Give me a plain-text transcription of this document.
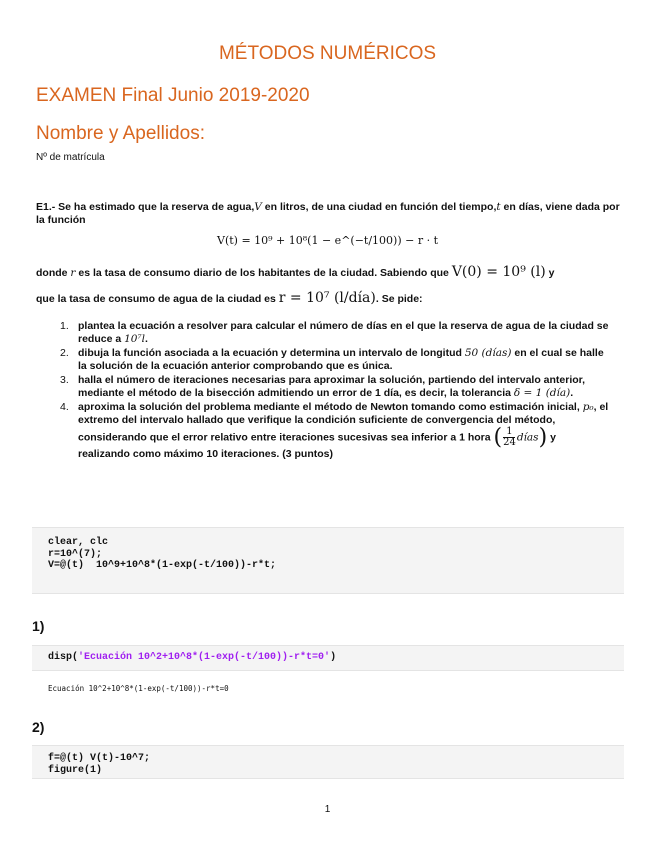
MÉTODOS NUMÉRICOS
EXAMEN Final Junio 2019-2020
Nombre y Apellidos:
Nº de matrícula
E1.- Se ha estimado que la reserva de agua,V en litros, de una ciudad en función del tiempo,t en días, viene dada por la función
V(t) = 10⁹ + 10⁸(1 − e^(−t/100)) − r · t
donde r es la tasa de consumo diario de los habitantes de la ciudad. Sabiendo que V(0) = 10⁹ (l) y
que la tasa de consumo de agua de la ciudad es r = 10⁷ (l/día). Se pide:
1. plantea la ecuación a resolver para calcular el número de días en el que la reserva de agua de la ciudad se reduce a 10⁷l.
2. dibuja la función asociada a la ecuación y determina un intervalo de longitud 50 (días) en el cual se halle la solución de la ecuación anterior comprobando que es única.
3. halla el número de iteraciones necesarias para aproximar la solución, partiendo del intervalo anterior, mediante el método de la bisección admitiendo un error de 1 día, es decir, la tolerancia δ = 1 (día).
4. aproxima la solución del problema mediante el método de Newton tomando como estimación inicial, p₀, el extremo del intervalo hallado que verifique la condición suficiente de convergencia del método, considerando que el error relativo entre iteraciones sucesivas sea inferior a 1 hora ( $\frac{1}{24}$ días) y realizando como máximo 10 iteraciones. (3 puntos)
clear, clc
r=10^(7);
V=@(t)  10^9+10^8*(1-exp(-t/100))-r*t;
1)
disp('Ecuación 10^2+10^8*(1-exp(-t/100))-r*t=0')
Ecuación 10^2+10^8*(1-exp(-t/100))-r*t=0
2)
f=@(t) V(t)-10^7;
figure(1)
1
